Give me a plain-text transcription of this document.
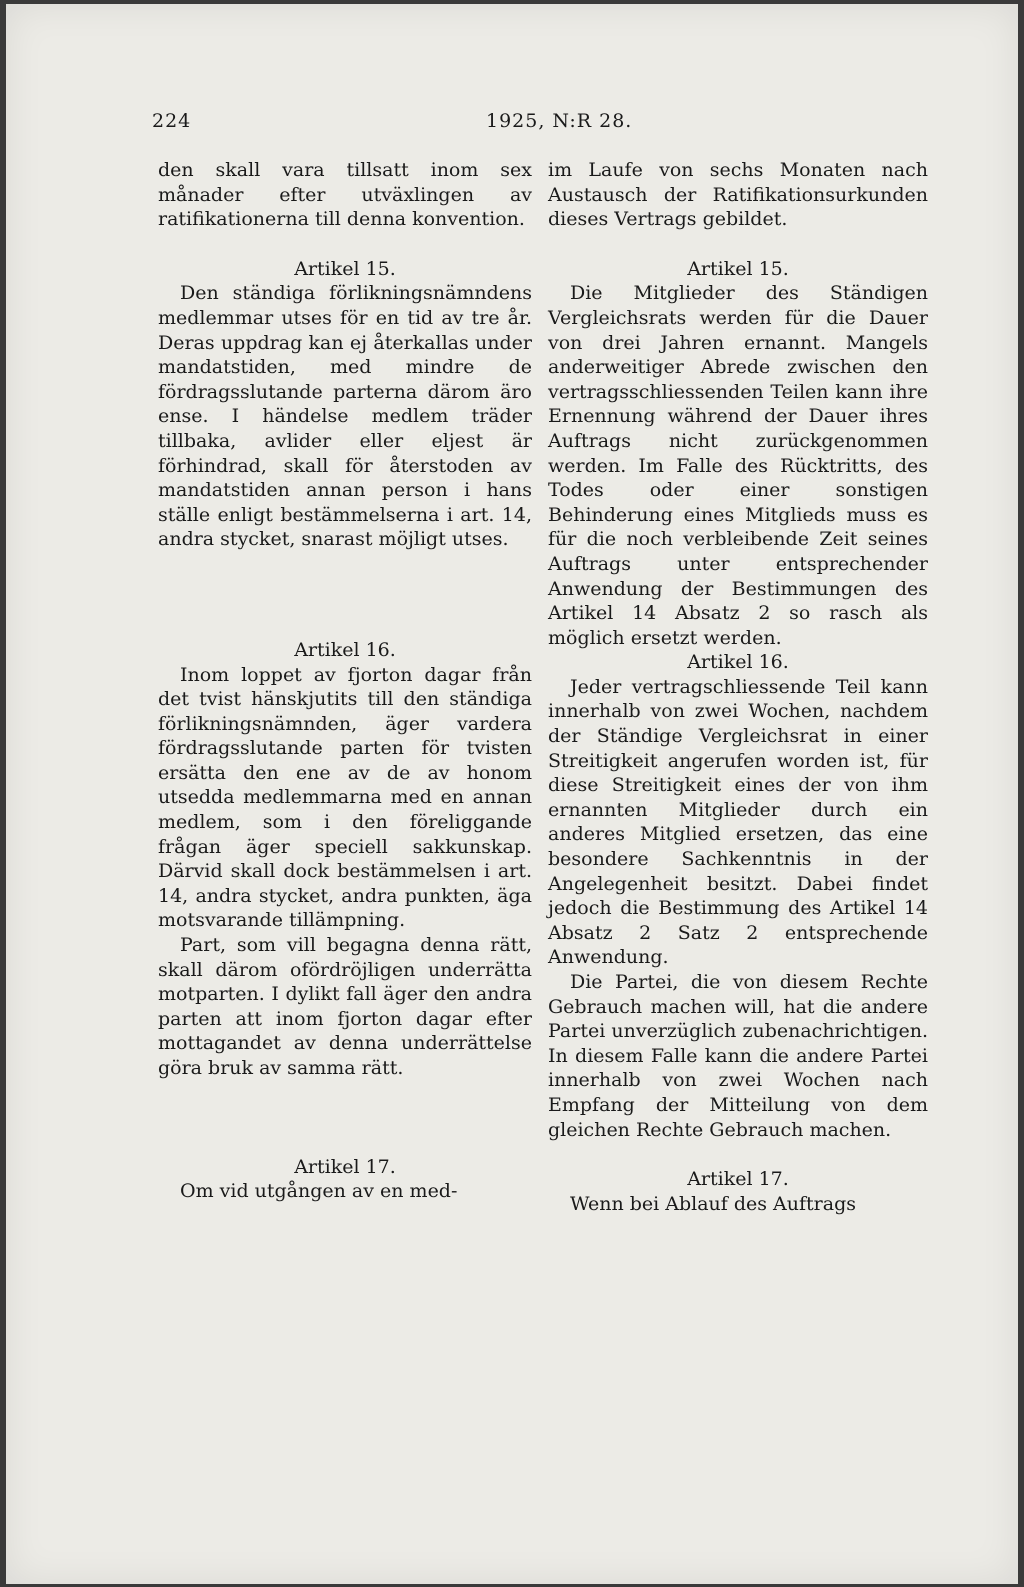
224	1925, N:R 28.

den skall vara tillsatt inom sex månader efter utväxlingen av ratifikationerna till denna konvention.

Artikel 15.

Den ständiga förlikningsnämndens medlemmar utses för en tid av tre år. Deras uppdrag kan ej återkallas under mandatstiden, med mindre de fördragsslutande parterna därom äro ense. I händelse medlem träder tillbaka, avlider eller eljest är förhindrad, skall för återstoden av mandatstiden annan person i hans ställe enligt bestämmelserna i art. 14, andra stycket, snarast möjligt utses.

Artikel 16.

Inom loppet av fjorton dagar från det tvist hänskjutits till den ständiga förlikningsnämnden, äger vardera fördragsslutande parten för tvisten ersätta den ene av de av honom utsedda medlemmarna med en annan medlem, som i den föreliggande frågan äger speciell sakkunskap. Därvid skall dock bestämmelsen i art. 14, andra stycket, andra punkten, äga motsvarande tillämpning.

Part, som vill begagna denna rätt, skall därom ofördröjligen underrätta motparten. I dylikt fall äger den andra parten att inom fjorton dagar efter mottagandet av denna underrättelse göra bruk av samma rätt.

Artikel 17.

Om vid utgången av en med-

im Laufe von sechs Monaten nach Austausch der Ratifikationsurkunden dieses Vertrags gebildet.

Artikel 15.

Die Mitglieder des Ständigen Vergleichsrats werden für die Dauer von drei Jahren ernannt. Mangels anderweitiger Abrede zwischen den vertragsschliessenden Teilen kann ihre Ernennung während der Dauer ihres Auftrags nicht zurückgenommen werden. Im Falle des Rücktritts, des Todes oder einer sonstigen Behinderung eines Mitglieds muss es für die noch verbleibende Zeit seines Auftrags unter entsprechender Anwendung der Bestimmungen des Artikel 14 Absatz 2 so rasch als möglich ersetzt werden.

Artikel 16.

Jeder vertragschliessende Teil kann innerhalb von zwei Wochen, nachdem der Ständige Vergleichsrat in einer Streitigkeit angerufen worden ist, für diese Streitigkeit eines der von ihm ernannten Mitglieder durch ein anderes Mitglied ersetzen, das eine besondere Sachkenntnis in der Angelegenheit besitzt. Dabei findet jedoch die Bestimmung des Artikel 14 Absatz 2 Satz 2 entsprechende Anwendung.

Die Partei, die von diesem Rechte Gebrauch machen will, hat die andere Partei unverzüglich zubenachrichtigen. In diesem Falle kann die andere Partei innerhalb von zwei Wochen nach Empfang der Mitteilung von dem gleichen Rechte Gebrauch machen.

Artikel 17.

Wenn bei Ablauf des Auftrags
